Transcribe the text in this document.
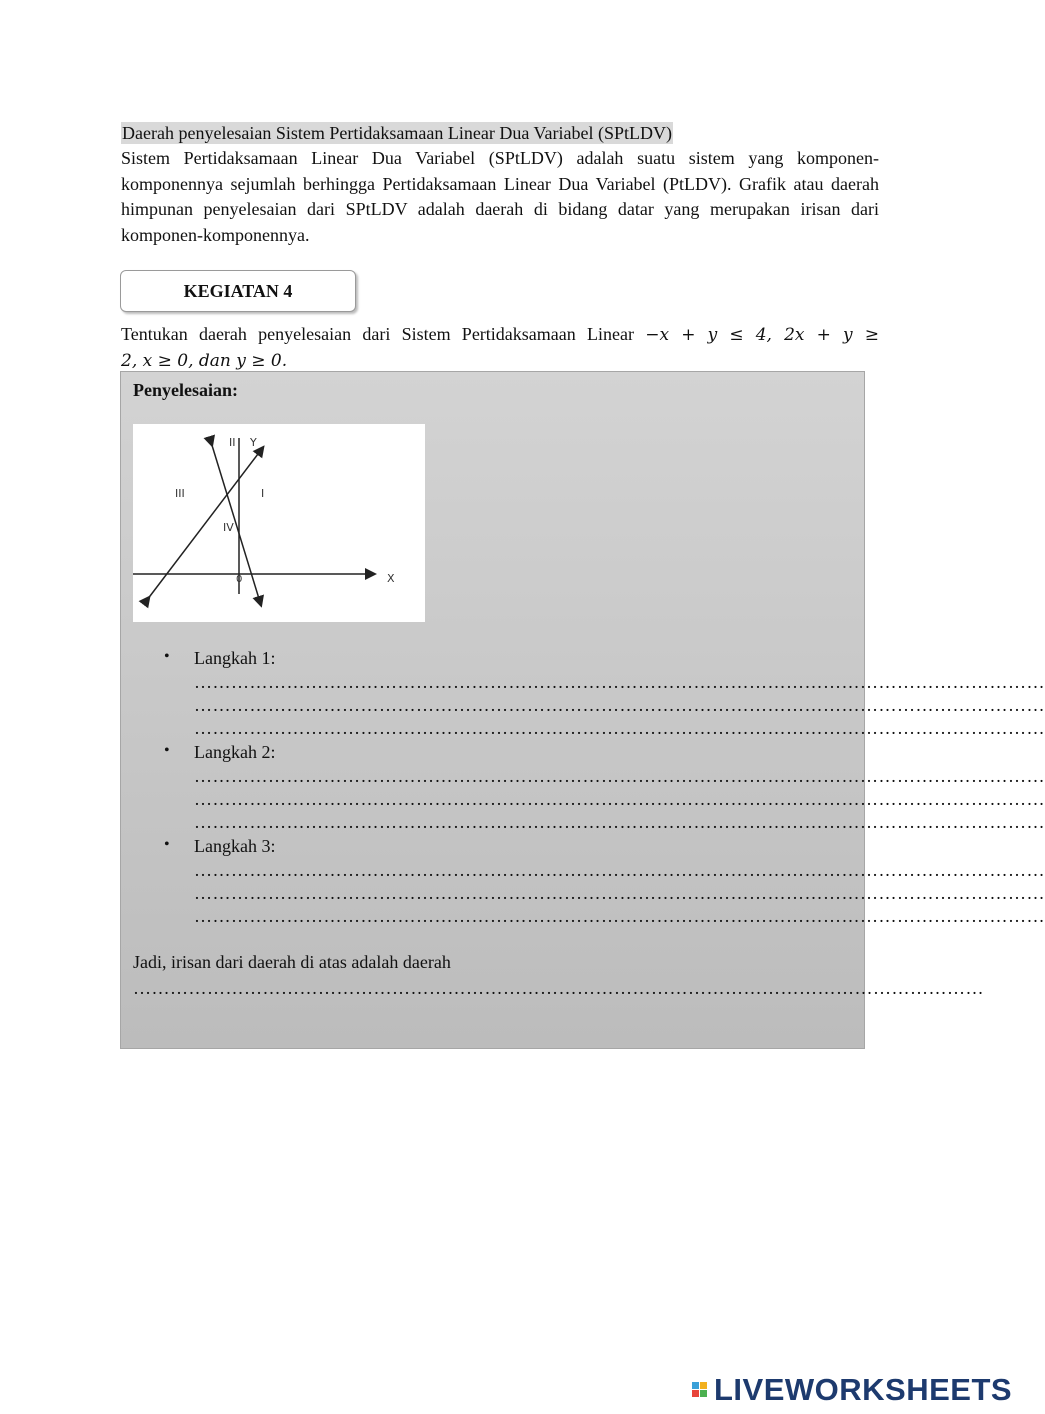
Daerah penyelesaian Sistem Pertidaksamaan Linear Dua Variabel (SPtLDV)
Sistem Pertidaksamaan Linear Dua Variabel (SPtLDV) adalah suatu sistem yang komponen-komponennya sejumlah berhingga Pertidaksamaan Linear Dua Variabel (PtLDV). Grafik atau daerah himpunan penyelesaian dari SPtLDV adalah daerah di bidang datar yang merupakan irisan dari komponen-komponennya.
KEGIATAN 4
Tentukan daerah penyelesaian dari Sistem Pertidaksamaan Linear −x + y ≤ 4, 2x + y ≥
2, x ≥ 0, dan y ≥ 0.
Penyelesaian:
III	I
II Y
IV
0	X
• Langkah 1:
…………………………………………………………………………………………………………………………
…………………………………………………………………………………………………………………………
…………………………………………………………………………………………………………………………
• Langkah 2:
…………………………………………………………………………………………………………………………
…………………………………………………………………………………………………………………………
…………………………………………………………………………………………………………………………
• Langkah 3:
…………………………………………………………………………………………………………………………
…………………………………………………………………………………………………………………………
…………………………………………………………………………………………………………………………
Jadi, irisan dari daerah di atas adalah daerah
…………………………………………………………………………………………………………………………
LIVEWORKSHEETS
